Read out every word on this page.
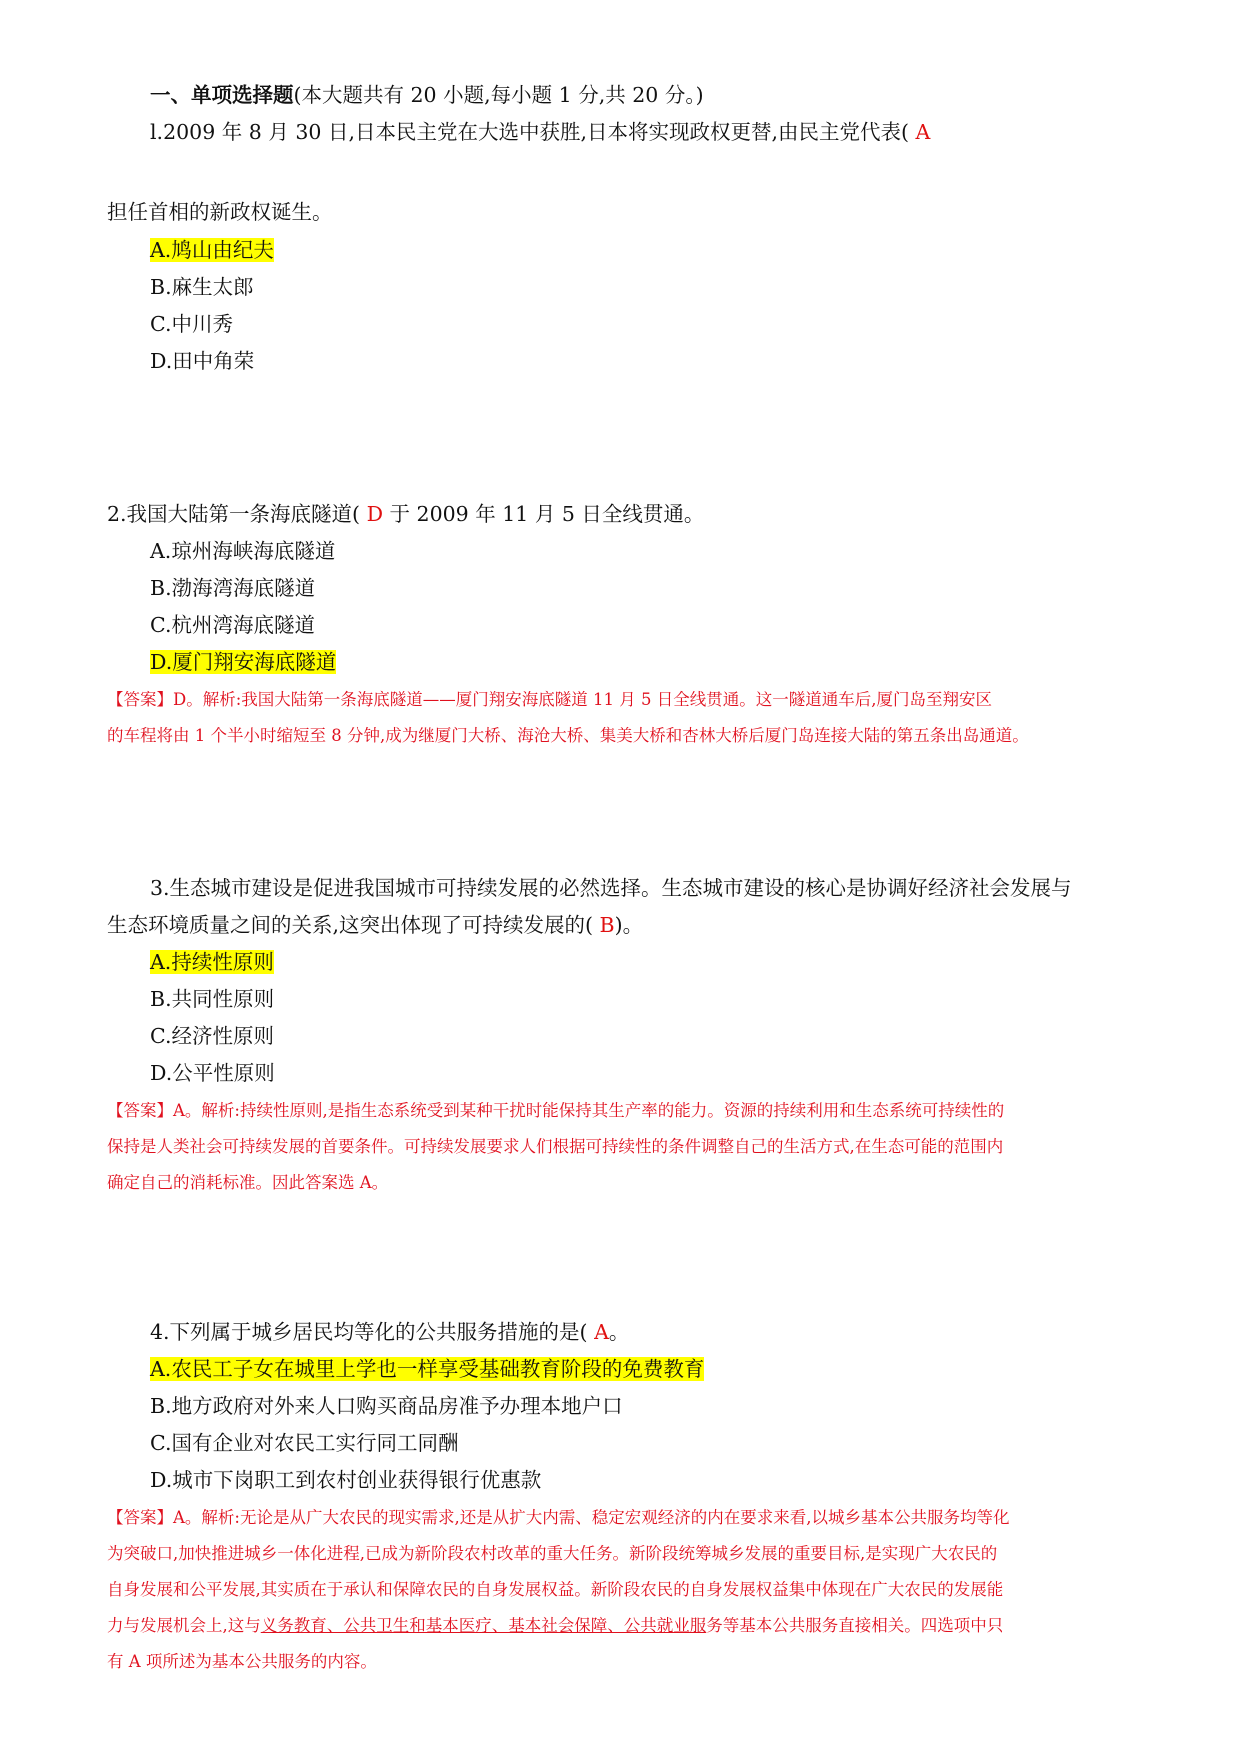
一、单项选择题(本大题共有 20 小题,每小题 1 分,共 20 分。)
l.2009 年 8 月 30 日,日本民主党在大选中获胜,日本将实现政权更替,由民主党代表( A
担任首相的新政权诞生。
A.鸠山由纪夫
B.麻生太郎
C.中川秀
D.田中角荣
2.我国大陆第一条海底隧道( D 于 2009 年 11 月 5 日全线贯通。
A.琼州海峡海底隧道
B.渤海湾海底隧道
C.杭州湾海底隧道
D.厦门翔安海底隧道
【答案】D。解析:我国大陆第一条海底隧道——厦门翔安海底隧道 11 月 5 日全线贯通。这一隧道通车后,厦门岛至翔安区
的车程将由 1 个半小时缩短至 8 分钟,成为继厦门大桥、海沧大桥、集美大桥和杏林大桥后厦门岛连接大陆的第五条出岛通道。
3.生态城市建设是促进我国城市可持续发展的必然选择。生态城市建设的核心是协调好经济社会发展与
生态环境质量之间的关系,这突出体现了可持续发展的( B)。
A.持续性原则
B.共同性原则
C.经济性原则
D.公平性原则
【答案】A。解析:持续性原则,是指生态系统受到某种干扰时能保持其生产率的能力。资源的持续利用和生态系统可持续性的
保持是人类社会可持续发展的首要条件。可持续发展要求人们根据可持续性的条件调整自己的生活方式,在生态可能的范围内
确定自己的消耗标准。因此答案选 A。
4.下列属于城乡居民均等化的公共服务措施的是( A。
A.农民工子女在城里上学也一样享受基础教育阶段的免费教育
B.地方政府对外来人口购买商品房准予办理本地户口
C.国有企业对农民工实行同工同酬
D.城市下岗职工到农村创业获得银行优惠款
【答案】A。解析:无论是从广大农民的现实需求,还是从扩大内需、稳定宏观经济的内在要求来看,以城乡基本公共服务均等化
为突破口,加快推进城乡一体化进程,已成为新阶段农村改革的重大任务。新阶段统筹城乡发展的重要目标,是实现广大农民的
自身发展和公平发展,其实质在于承认和保障农民的自身发展权益。新阶段农民的自身发展权益集中体现在广大农民的发展能
力与发展机会上,这与义务教育、公共卫生和基本医疗、基本社会保障、公共就业服务等基本公共服务直接相关。四选项中只
有 A 项所述为基本公共服务的内容。
